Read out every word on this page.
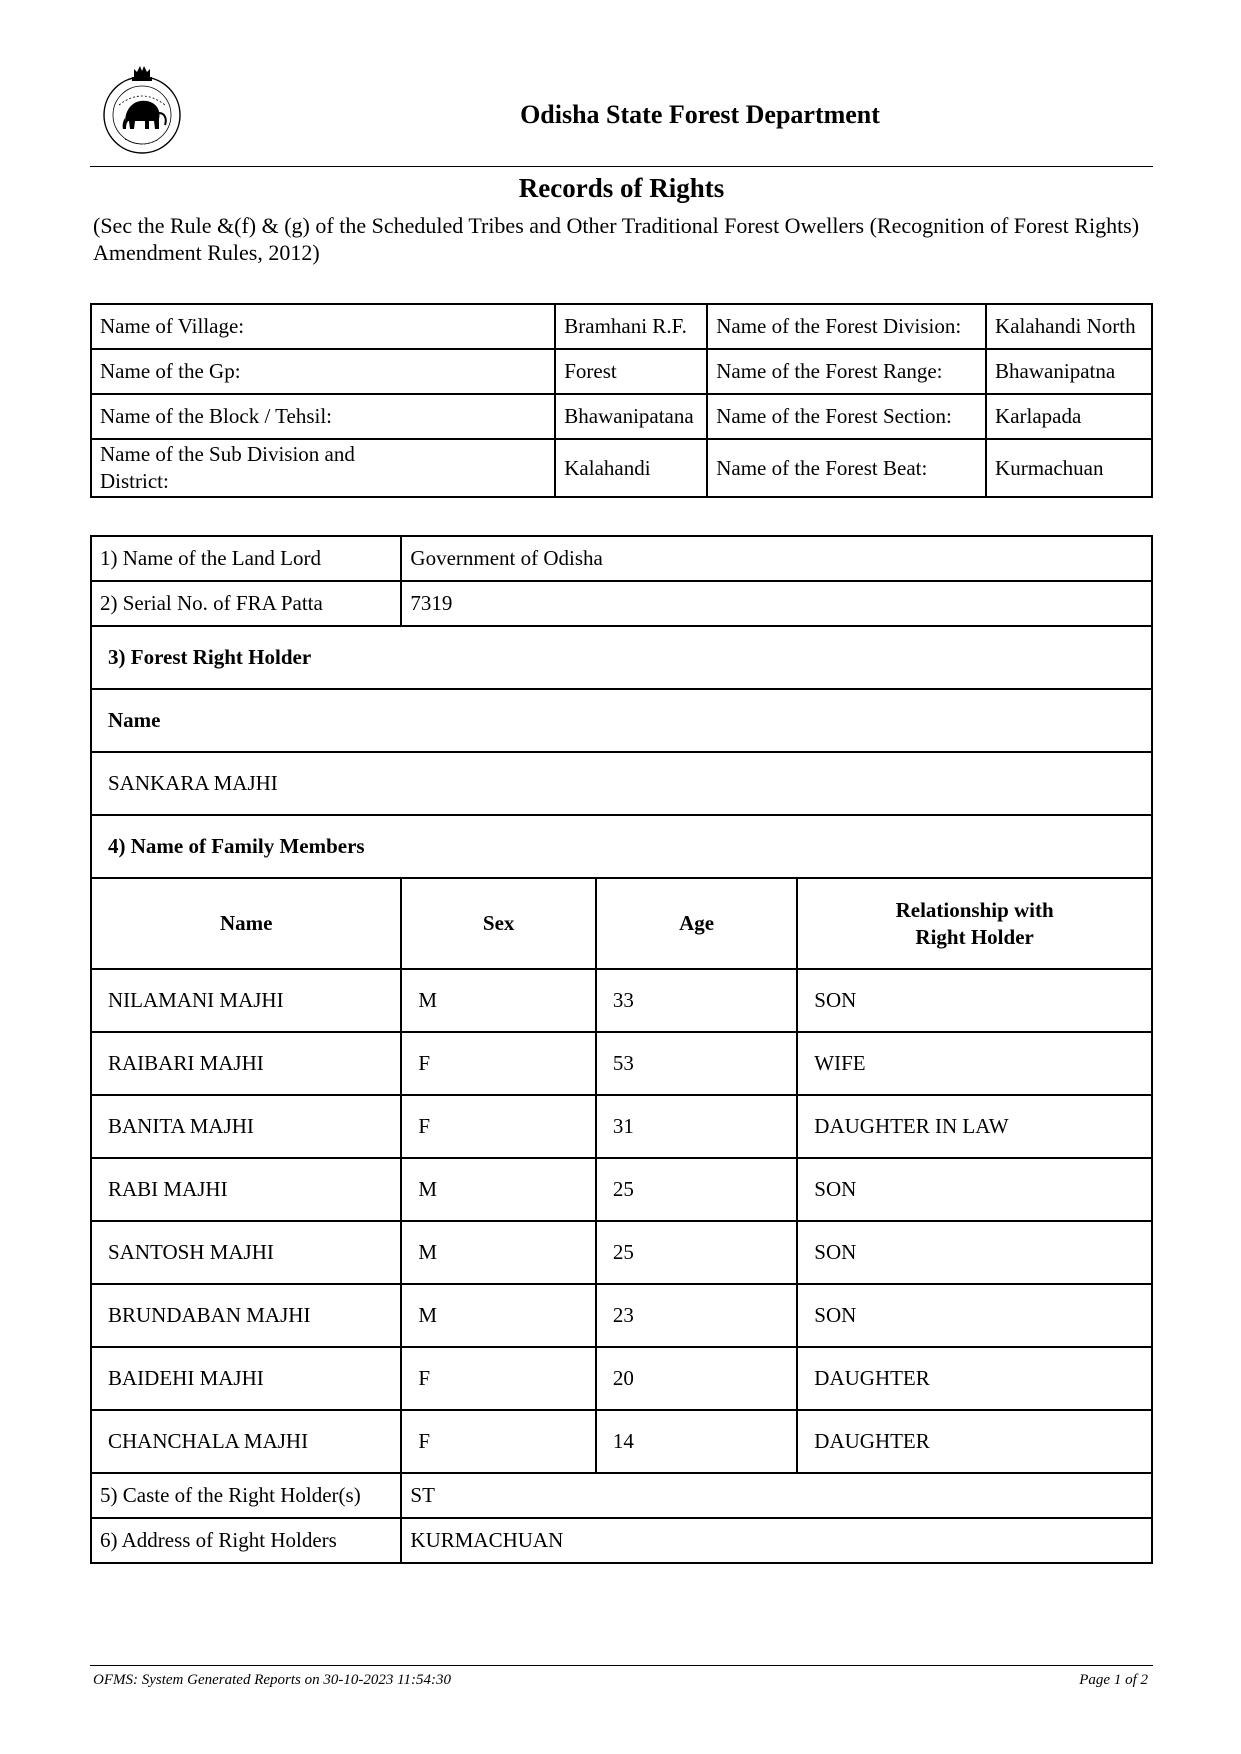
Odisha State Forest Department
Records of Rights
(Sec the Rule &(f) & (g) of the Scheduled Tribes and Other Traditional Forest Owellers (Recognition of Forest Rights) Amendment Rules, 2012)
Name of Village:	Bramhani R.F.	Name of the Forest Division:	Kalahandi North
Name of the Gp:	Forest	Name of the Forest Range:	Bhawanipatna
Name of the Block / Tehsil:	Bhawanipatana	Name of the Forest Section:	Karlapada
Name of the Sub Division and District:	Kalahandi	Name of the Forest Beat:	Kurmachuan
1) Name of the Land Lord	Government of Odisha		
2) Serial No. of FRA Patta	7319		
3) Forest Right Holder			
Name			
SANKARA MAJHI			
4) Name of Family Members			
Name	Sex	Age	Relationship with Right Holder
NILAMANI MAJHI	M	33	SON
RAIBARI MAJHI	F	53	WIFE
BANITA MAJHI	F	31	DAUGHTER IN LAW
RABI MAJHI	M	25	SON
SANTOSH MAJHI	M	25	SON
BRUNDABAN MAJHI	M	23	SON
BAIDEHI MAJHI	F	20	DAUGHTER
CHANCHALA MAJHI	F	14	DAUGHTER
5) Caste of the Right Holder(s)	ST		
6) Address of Right Holders	KURMACHUAN		
OFMS: System Generated Reports on 30-10-2023 11:54:30	Page 1 of 2
